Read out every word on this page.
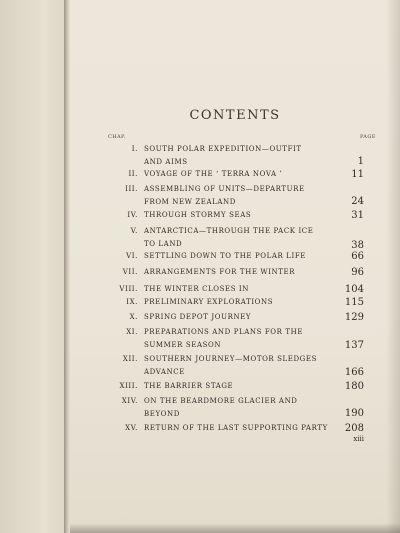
CONTENTS
CHAP.	PAGE
I. SOUTH POLAR EXPEDITION—OUTFIT
AND AIMS	1
II. VOYAGE OF THE ‘ TERRA NOVA ’	11
III. ASSEMBLING OF UNITS—DEPARTURE
FROM NEW ZEALAND	24
IV. THROUGH STORMY SEAS	31
V. ANTARCTICA—THROUGH THE PACK ICE
TO LAND	38
VI. SETTLING DOWN TO THE POLAR LIFE	66
VII. ARRANGEMENTS FOR THE WINTER	96
VIII. THE WINTER CLOSES IN	104
IX. PRELIMINARY EXPLORATIONS	115
X. SPRING DEPOT JOURNEY	129
XI. PREPARATIONS AND PLANS FOR THE
SUMMER SEASON	137
XII. SOUTHERN JOURNEY—MOTOR SLEDGES
ADVANCE	166
XIII. THE BARRIER STAGE	180
XIV. ON THE BEARDMORE GLACIER AND
BEYOND	190
XV. RETURN OF THE LAST SUPPORTING PARTY	208
xiii
